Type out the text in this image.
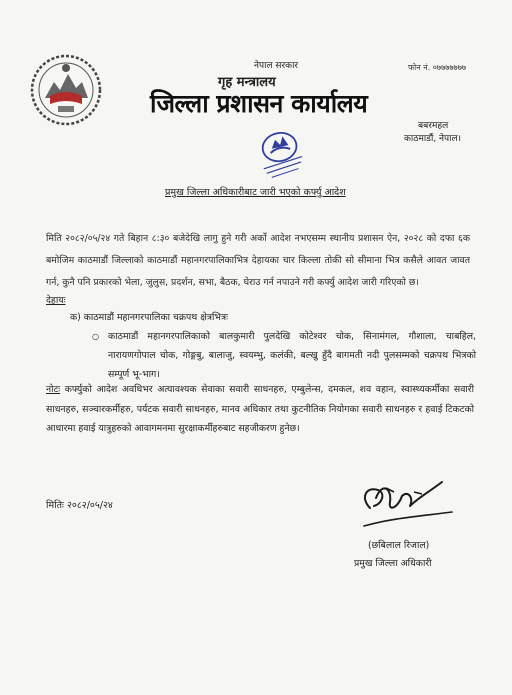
नेपाल सरकार
गृह मन्त्रालय
फोन नं. ०७७७७७७७
जिल्ला प्रशासन कार्यालय
बबरमहल
काठमाडौं, नेपाल।
प्रमुख जिल्ला अधिकारीबाट जारी भएको कर्फ्यु आदेश
मिति २०८२/०५/२४ गते बिहान ८:३० बजेदेखि लागु हुने गरी अर्को आदेश नभएसम्म स्थानीय प्रशासन ऐन, २०२८ को दफा ६क बमोजिम काठमाडौं जिल्लाको काठमाडौं महानगरपालिकाभित्र देहायका चार किल्ला तोकी सो सीमाना भित्र कसैले आवत जावत गर्न, कुनै पनि प्रकारको भेला, जुलुस, प्रदर्शन, सभा, बैठक, घेराउ गर्न नपाउने गरी कर्फ्यु आदेश जारी गरिएको छ।
देहायः
क) काठमाडौं महानगरपालिका चक्रपथ क्षेत्रभित्रः
○ काठमाडौं महानगरपालिकाको बालकुमारी पुलदेखि कोटेश्वर चोक, सिनामंगल, गौशाला, चाबहिल, नारायणगोपाल चोक, गोङ्गबु, बालाजु, स्वयम्भु, कलंकी, बल्खु हुँदै बागमती नदी पुलसम्मको चक्रपथ भित्रको सम्पूर्ण भू-भाग।
नोटः कर्फ्युको आदेश अवधिभर अत्यावश्यक सेवाका सवारी साधनहरु, एम्बुलेन्स, दमकल, शव वहान, स्वास्थ्यकर्मीका सवारी साधनहरु, सञ्चारकर्मीहरु, पर्यटक सवारी साधनहरु, मानव अधिकार तथा कुटनीतिक नियोगका सवारी साधनहरु र हवाई टिकटको आधारमा हवाई यात्रुहरुको आवागमनमा सुरक्षाकर्मीहरुबाट सहजीकरण हुनेछ।
मितिः २०८२/०५/२४
(छबिलाल रिजाल)
प्रमुख जिल्ला अधिकारी
